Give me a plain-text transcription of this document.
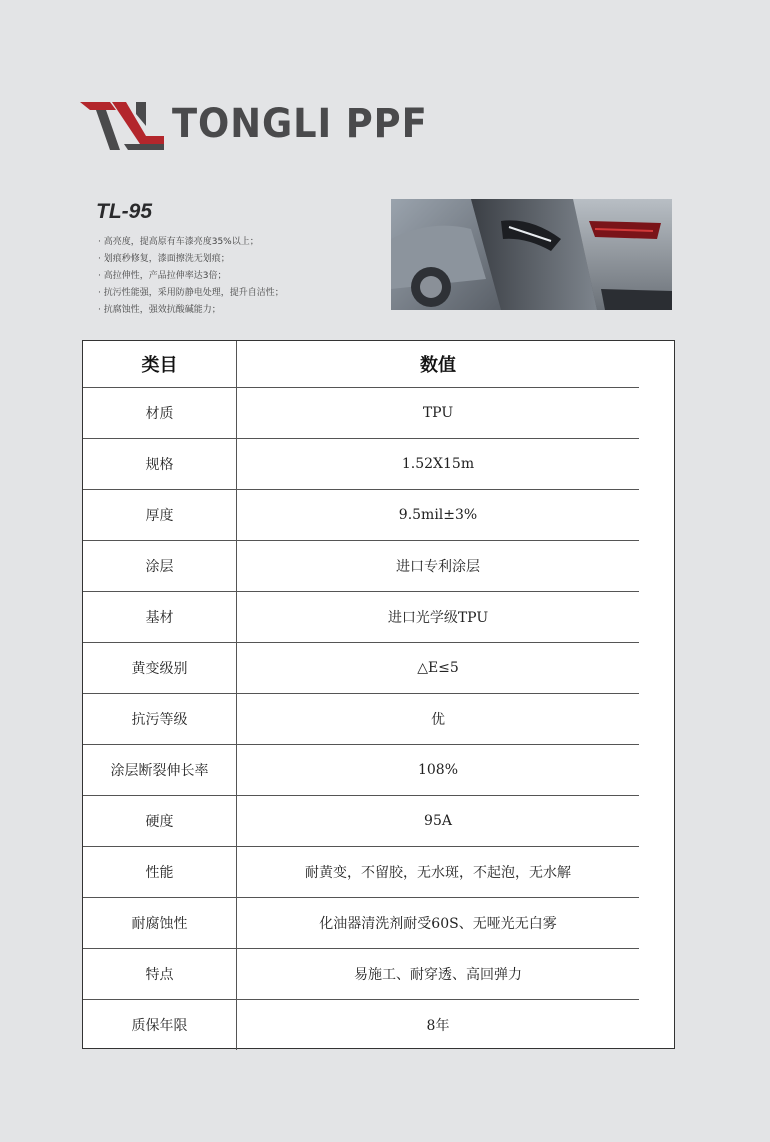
TONGLI PPF
TL-95
· 高亮度，提高原有车漆亮度35%以上；
· 划痕秒修复，漆面擦洗无划痕；
· 高拉伸性，产品拉伸率达3倍；
· 抗污性能强，采用防静电处理，提升自洁性；
· 抗腐蚀性，强效抗酸碱能力；
类目	数值
材质	TPU
规格	1.52X15m
厚度	9.5mil±3%
涂层	进口专利涂层
基材	进口光学级TPU
黄变级别	△E≤5
抗污等级	优
涂层断裂伸长率	108%
硬度	95A
性能	耐黄变，不留胶，无水斑，不起泡，无水解
耐腐蚀性	化油器清洗剂耐受60S、无哑光无白雾
特点	易施工、耐穿透、高回弹力
质保年限	8年
